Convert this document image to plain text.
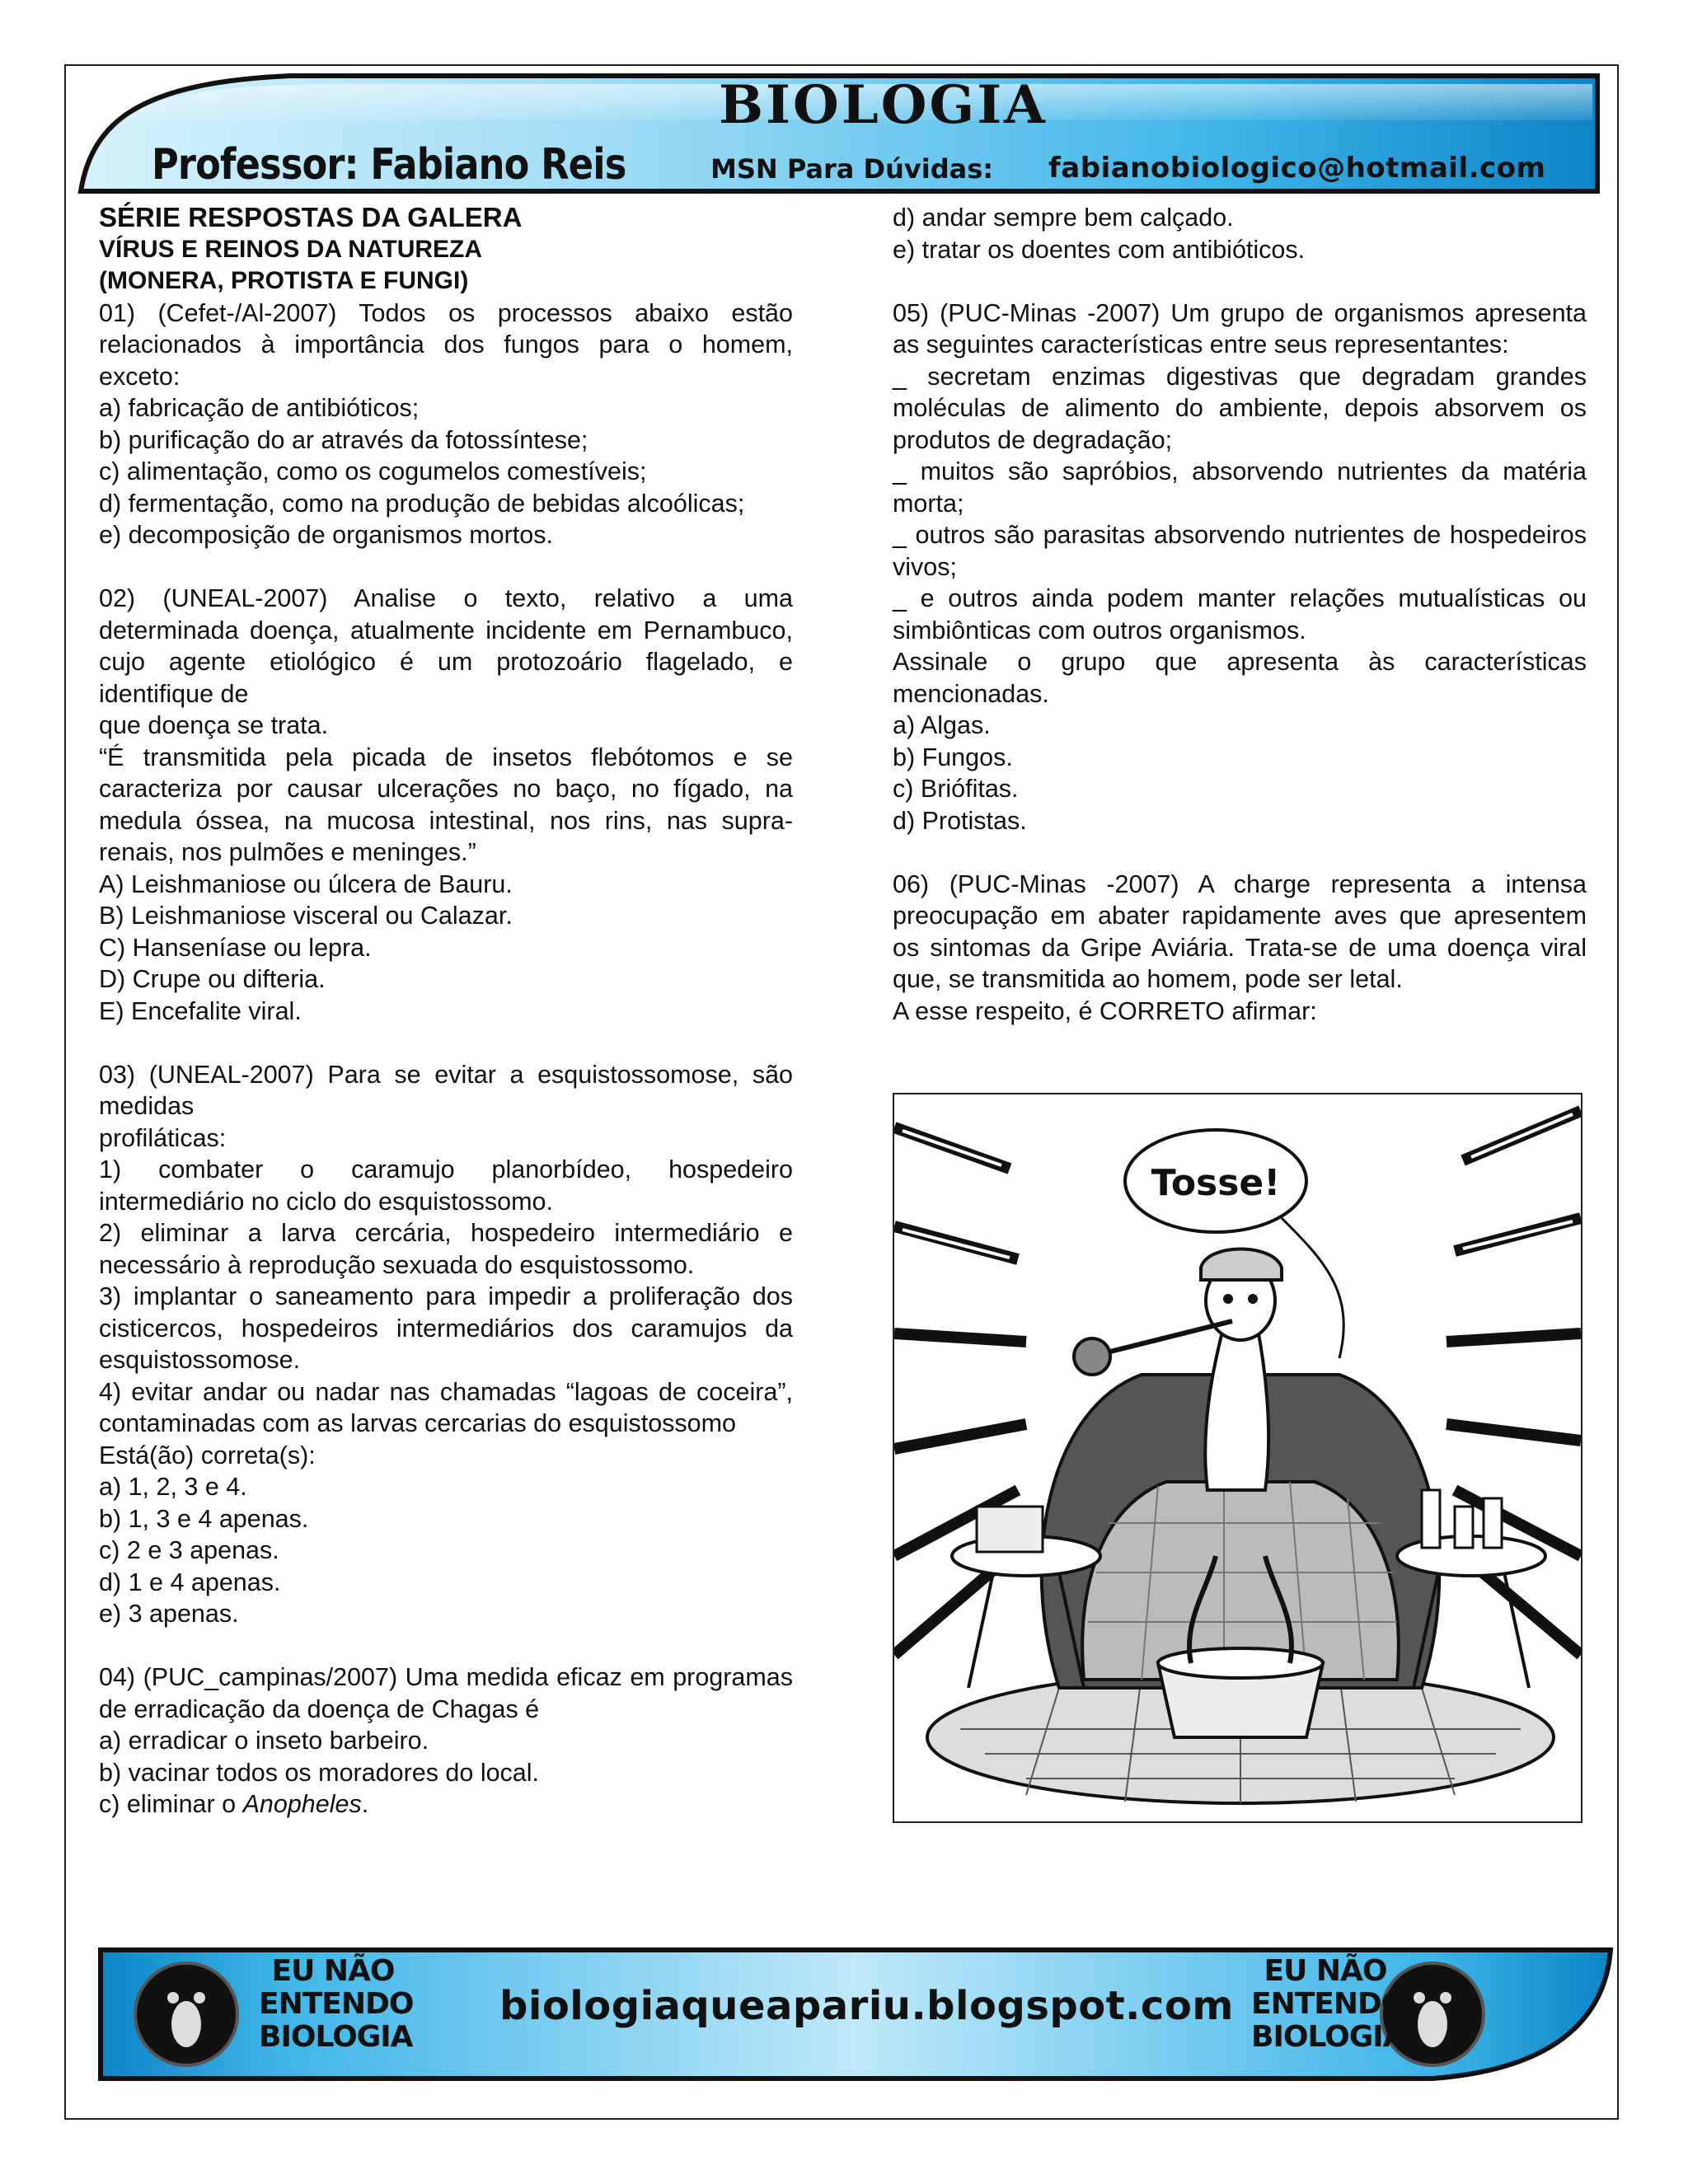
BIOLOGIA
Professor: Fabiano Reis	MSN Para Dúvidas: fabianobiologico@hotmail.com

SÉRIE RESPOSTAS DA GALERA

VÍRUS E REINOS DA NATUREZA

(MONERA, PROTISTA E FUNGI)

01) (Cefet-/Al-2007) Todos os processos abaixo estão relacionados à importância dos fungos para o homem, exceto:

a) fabricação de antibióticos;

b) purificação do ar através da fotossíntese;

c) alimentação, como os cogumelos comestíveis;

d) fermentação, como na produção de bebidas alcoólicas;

e) decomposição de organismos mortos.

02) (UNEAL-2007) Analise o texto, relativo a uma determinada doença, atualmente incidente em Pernambuco, cujo agente etiológico é um protozoário flagelado, e identifique de

que doença se trata.

“É transmitida pela picada de insetos flebótomos e se caracteriza por causar ulcerações no baço, no fígado, na medula óssea, na mucosa intestinal, nos rins, nas supra-renais, nos pulmões e meninges.”

A) Leishmaniose ou úlcera de Bauru.

B) Leishmaniose visceral ou Calazar.

C) Hanseníase ou lepra.

D) Crupe ou difteria.

E) Encefalite viral.

03) (UNEAL-2007) Para se evitar a esquistossomose, são medidas

profiláticas:

1) combater o caramujo planorbídeo, hospedeiro intermediário no ciclo do esquistossomo.

2) eliminar a larva cercária, hospedeiro intermediário e necessário à reprodução sexuada do esquistossomo.

3) implantar o saneamento para impedir a proliferação dos cisticercos, hospedeiros intermediários dos caramujos da esquistossomose.

4) evitar andar ou nadar nas chamadas “lagoas de coceira”, contaminadas com as larvas cercarias do esquistossomo

Está(ão) correta(s):

a) 1, 2, 3 e 4.

b) 1, 3 e 4 apenas.

c) 2 e 3 apenas.

d) 1 e 4 apenas.

e) 3 apenas.

04) (PUC_campinas/2007) Uma medida eficaz em programas de erradicação da doença de Chagas é

a) erradicar o inseto barbeiro.

b) vacinar todos os moradores do local.

c) eliminar o Anopheles.

d) andar sempre bem calçado.

e) tratar os doentes com antibióticos.

05) (PUC-Minas -2007) Um grupo de organismos apresenta as seguintes características entre seus representantes:

_ secretam enzimas digestivas que degradam grandes moléculas de alimento do ambiente, depois absorvem os produtos de degradação;

_ muitos são sapróbios, absorvendo nutrientes da matéria morta;

_ outros são parasitas absorvendo nutrientes de hospedeiros vivos;

_ e outros ainda podem manter relações mutualísticas ou simbiônticas com outros organismos.

Assinale o grupo que apresenta às características mencionadas.

a) Algas.

b) Fungos.

c) Briófitas.

d) Protistas.

06) (PUC-Minas -2007) A charge representa a intensa preocupação em abater rapidamente aves que apresentem os sintomas da Gripe Aviária. Trata-se de uma doença viral que, se transmitida ao homem, pode ser letal.

A esse respeito, é CORRETO afirmar:

Tosse!
EU NÃO
ENTENDO
BIOLOGIA
biologiaqueapariu.blogspot.com
EU NÃO
ENTENDO
BIOLOGIA
